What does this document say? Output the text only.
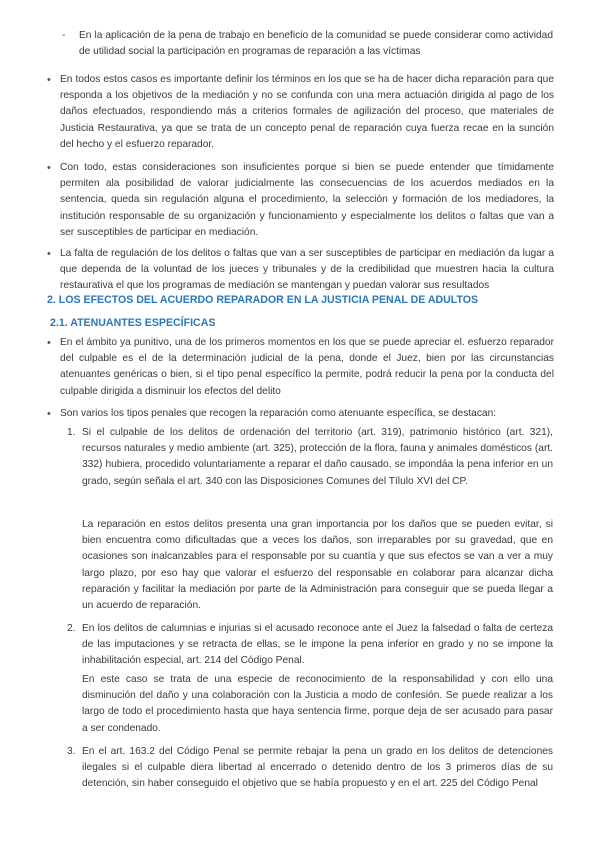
-	En la aplicación de la pena de trabajo en beneficio de la comunidad se puede considerar como actividad de utilidad social la participación en programas de reparación a las víctimas

• En todos estos casos es importante definir los términos en los que se ha de hacer dicha reparación para que responda a los objetivos de la mediación y no se confunda con una mera actuación dirigida al pago de los daños efectuados, respondiendo más a criterios formales de agilización del proceso, que materiales de Justicia Restaurativa, ya que se trata de un concepto penal de reparación cuya fuerza recae en la sunción del hecho y el esfuerzo reparador.

• Con todo, estas consideraciones son insuficientes porque si bien se puede entender que tímidamente permiten ala posibilidad de valorar judicialmente las consecuencias de los acuerdos mediados en la sentencia, queda sin regulación alguna el procedimiento, la selección y formación de los mediadores, la institución responsable de su organización y funcionamiento y especialmente los delitos o faltas que van a ser susceptibles de participar en mediación.

• La falta de regulación de los delitos o faltas que van a ser susceptibles de participar en mediación da lugar a que dependa de la voluntad de los jueces y tribunales y de la credibilidad que muestren hacia la cultura restaurativa el que los programas de mediación se mantengan y puedan valorar sus resultados

2. LOS EFECTOS DEL ACUERDO REPARADOR EN LA JUSTICIA PENAL DE ADULTOS
2.1. ATENUANTES ESPECÍFICAS
• En el ámbito ya punitivo, una de los primeros momentos en los que se puede apreciar el. esfuerzo reparador del culpable es el de la determinación judicial de la pena, donde el Juez, bien por las circunstancias atenuantes genéricas o bien, si el tipo penal específico la permite, podrá reducir la pena por la conducta del culpable dirigida a disminuir los efectos del delito

• Son varios los tipos penales que recogen la reparación como atenuante específica, se destacan:

1. Si el culpable de los delitos de ordenación del territorio (art. 319), patrimonio histórico (art. 321), recursos naturales y medio ambiente (art. 325), protección de la flora, fauna y animales domésticos (art. 332) hubiera, procedido voluntariamente a reparar el daño causado, se impondáa la pena inferior en un grado, según señala el art. 340 con las Disposiciones Comunes del Tílulo XVI del CP.

La reparación en estos delitos presenta una gran importancia por los daños que se pueden evitar, si bien encuentra como dificultadas que a veces los daños, son irreparables por su gravedad, que en ocasiones son inalcanzables para el responsable por su cuantía y que sus efectos se van a ver a muy largo plazo, por eso hay que valorar el esfuerzo del responsable en colaborar para alcanzar dicha reparación y facilitar la mediación por parte de la Administración para conseguir que se pueda llegar a un acuerdo de reparación.

2. En los delitos de calumnias e injurias si el acusado reconoce ante el Juez la falsedad o falta de certeza de las imputaciones y se retracta de ellas, se le impone la pena inferior en grado y no se impone la inhabilitación especial, art. 214 del Código Penal.

En este caso se trata de una especie de reconocimiento de la responsabilidad y con ello una disminución del daño y una colaboración con la Justicia a modo de confesión. Se puede realizar a los largo de todo el procedimiento hasta que haya sentencia firme, porque deja de ser acusado para pasar a ser condenado.

3. En el art. 163.2 del Código Penal se permite rebajar la pena un grado en los delitos de detenciones ilegales si el culpable diera libertad al encerrado o detenido dentro de los 3 primeros días de su detención, sin haber conseguido el objetivo que se había propuesto y en el art. 225 del Código Penal
